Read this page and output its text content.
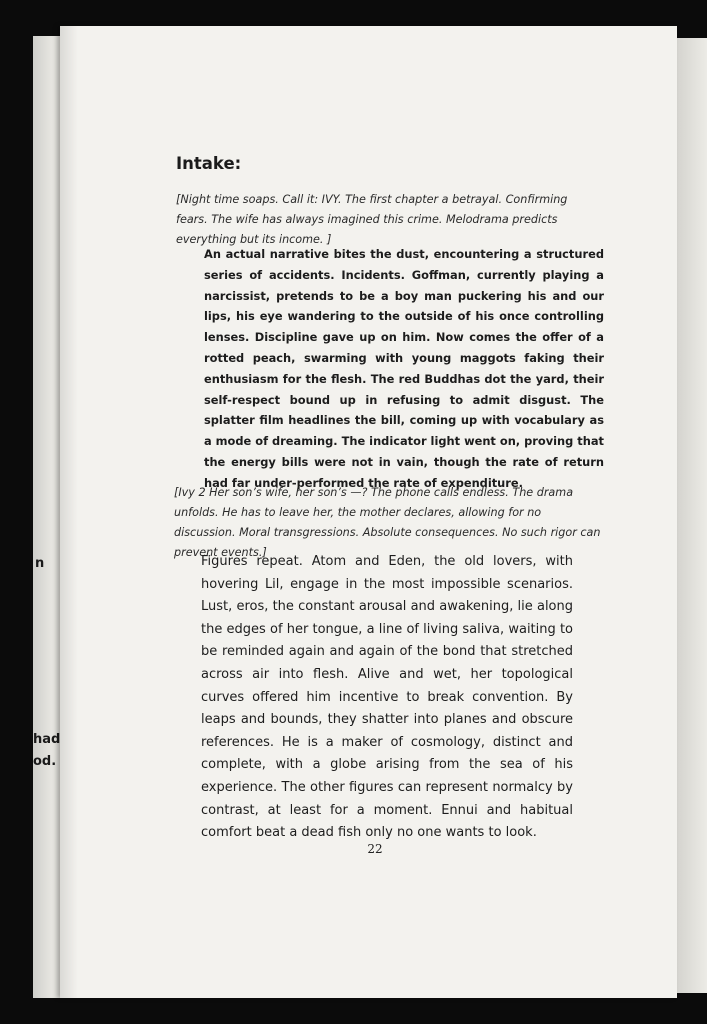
n
had
od.
Intake:

[Night time soaps. Call it: IVY. The first chapter a betrayal. Confirming fears. The wife has always imagined this crime. Melodrama predicts everything but its income. ]

An actual narrative bites the dust, encountering a structured series of accidents. Incidents. Goffman, currently playing a narcissist, pretends to be a boy man puckering his and our lips, his eye wandering to the outside of his once controlling lenses. Discipline gave up on him. Now comes the offer of a rotted peach, swarming with young maggots faking their enthusiasm for the flesh. The red Buddhas dot the yard, their self-respect bound up in refusing to admit disgust. The splatter film headlines the bill, coming up with vocabulary as a mode of dreaming. The indicator light went on, proving that the energy bills were not in vain, though the rate of return had far under-performed the rate of expenditure.

[Ivy 2 Her son’s wife, her son’s —? The phone calls endless. The drama unfolds. He has to leave her, the mother declares, allowing for no discussion. Moral transgressions. Absolute consequences. No such rigor can prevent events.]

Figures repeat. Atom and Eden, the old lovers, with hovering Lil, engage in the most impossible scenarios. Lust, eros, the constant arousal and awakening, lie along the edges of her tongue, a line of living saliva, waiting to be reminded again and again of the bond that stretched across air into flesh. Alive and wet, her topological curves offered him incentive to break convention. By leaps and bounds, they shatter into planes and obscure references. He is a maker of cosmology, distinct and complete, with a globe arising from the sea of his experience. The other figures can represent normalcy by contrast, at least for a moment. Ennui and habitual comfort beat a dead fish only no one wants to look.

22
